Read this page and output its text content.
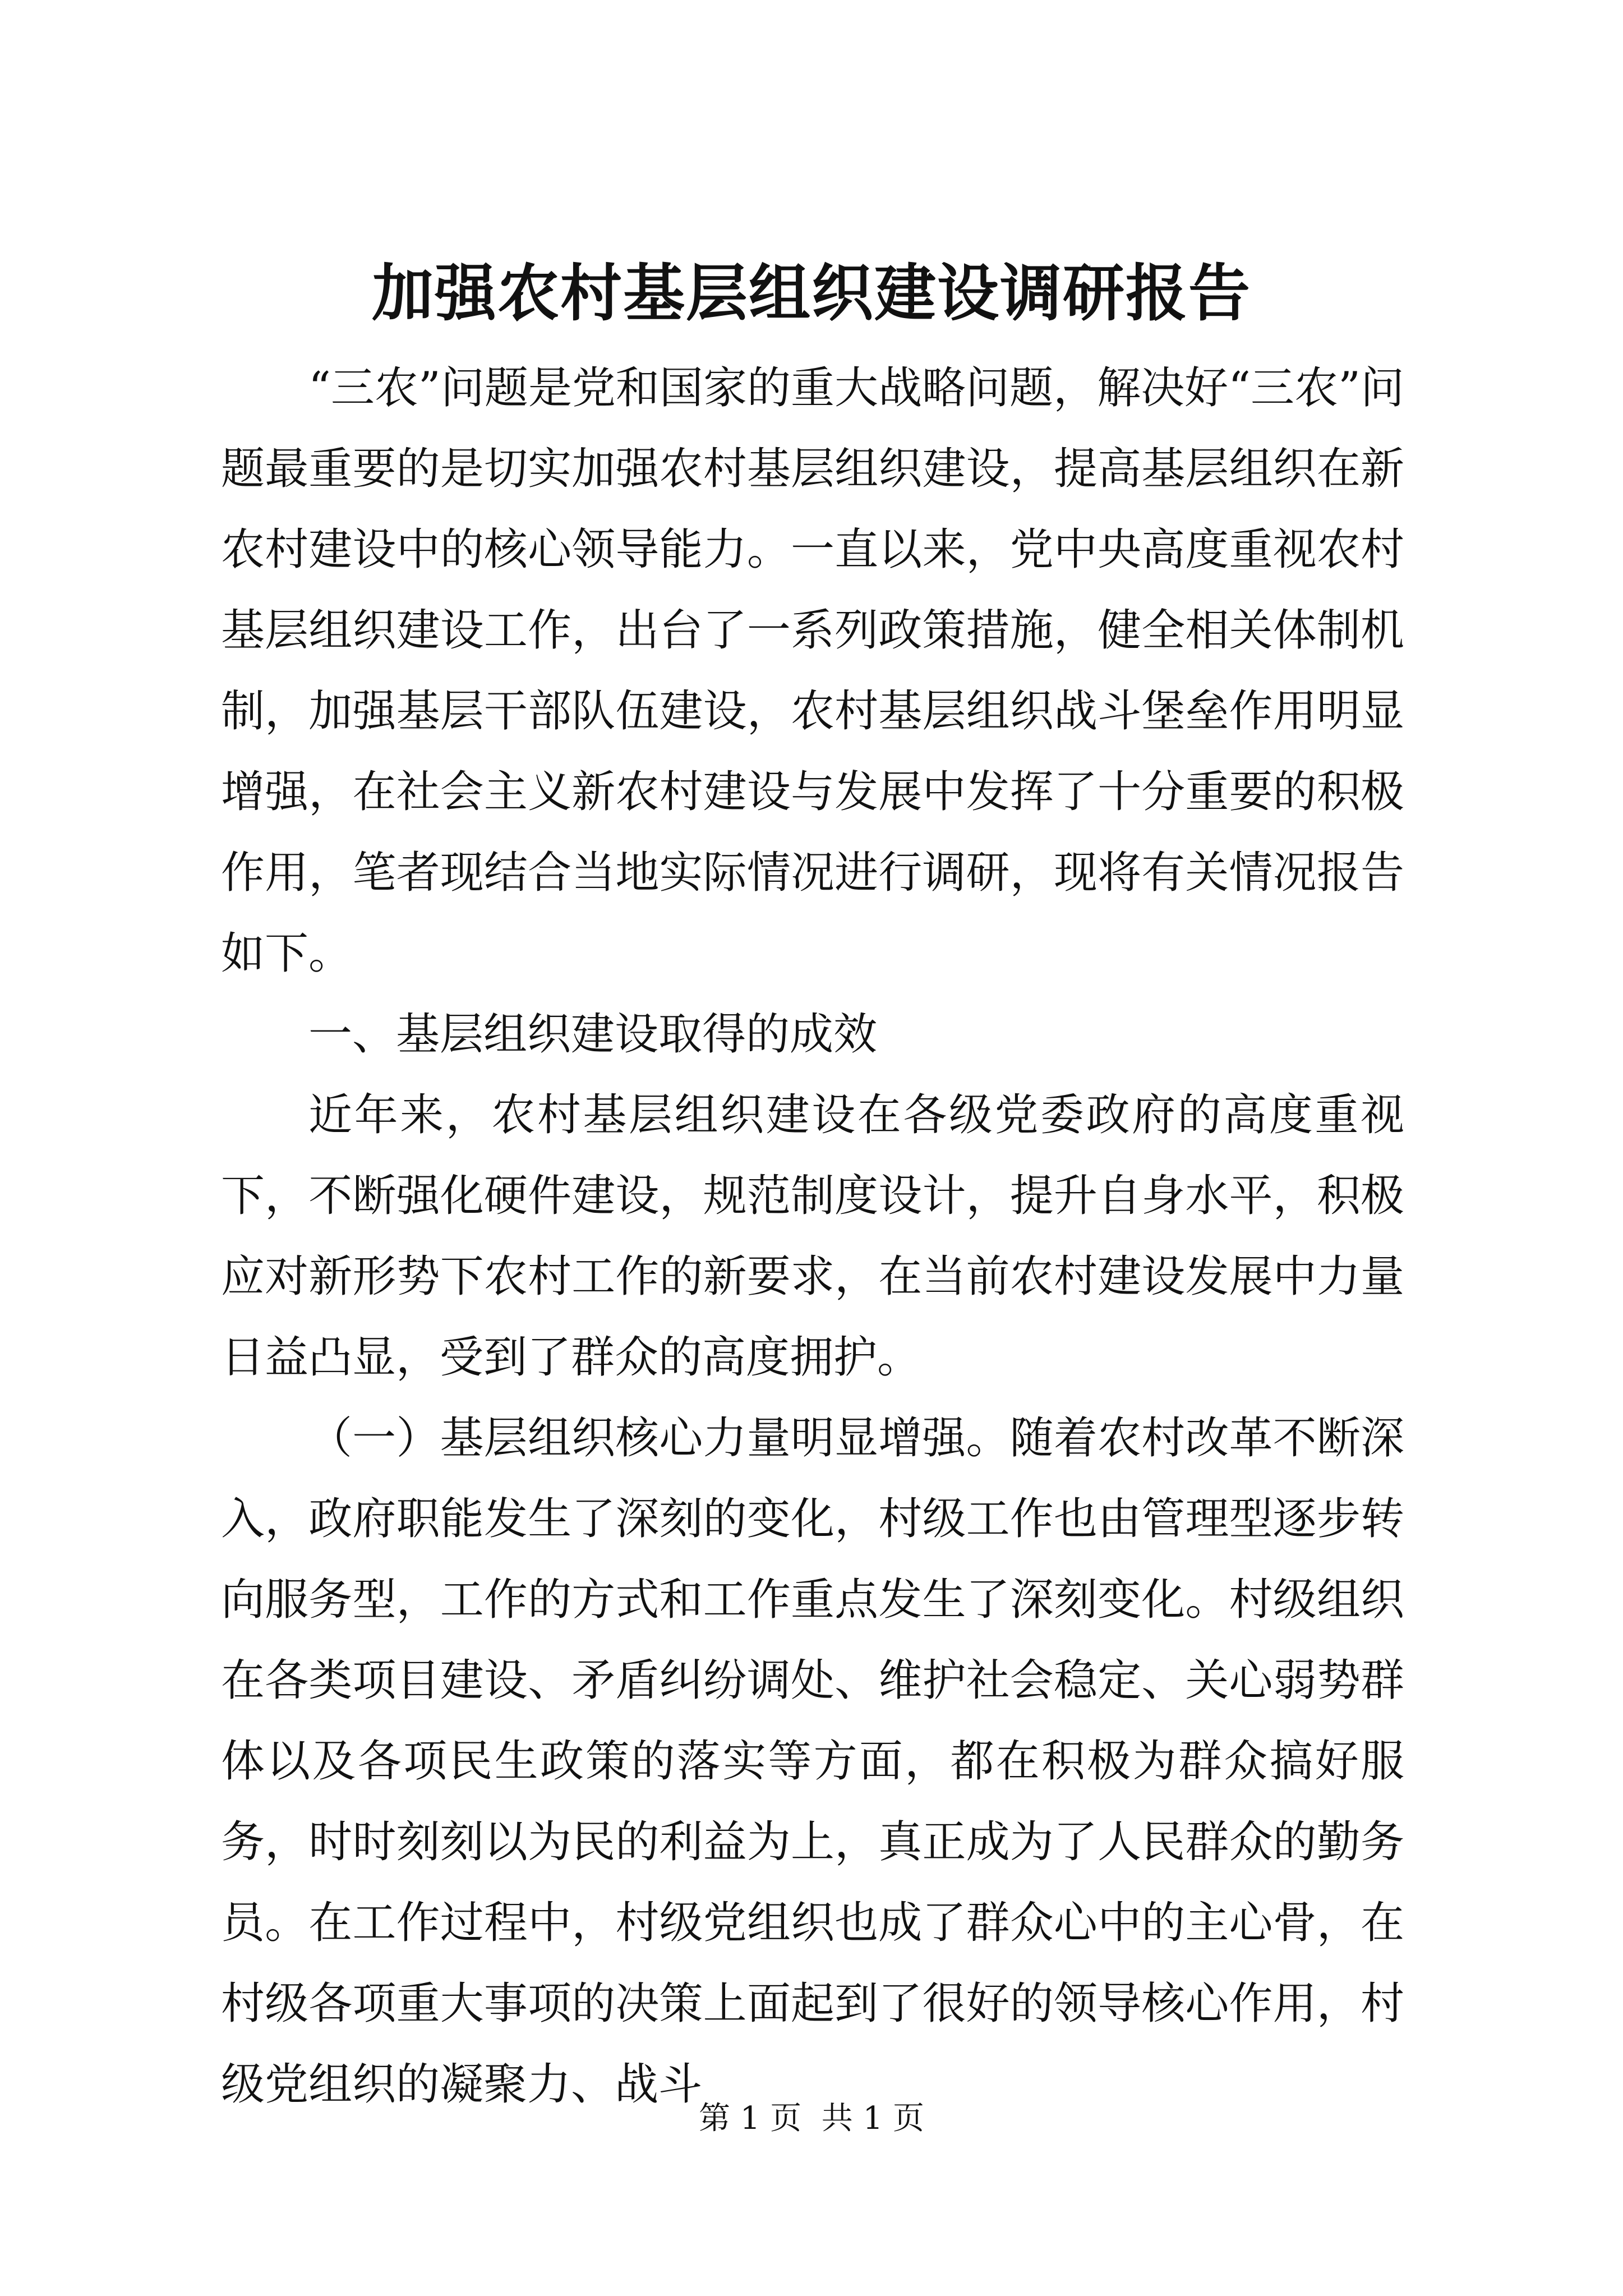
加强农村基层组织建设调研报告

“三农”问题是党和国家的重大战略问题，解决好“三农”问题最重要的是切实加强农村基层组织建设，提高基层组织在新农村建设中的核心领导能力。一直以来，党中央高度重视农村基层组织建设工作，出台了一系列政策措施，健全相关体制机制，加强基层干部队伍建设，农村基层组织战斗堡垒作用明显增强，在社会主义新农村建设与发展中发挥了十分重要的积极作用，笔者现结合当地实际情况进行调研，现将有关情况报告如下。

一、基层组织建设取得的成效

近年来，农村基层组织建设在各级党委政府的高度重视下，不断强化硬件建设，规范制度设计，提升自身水平，积极应对新形势下农村工作的新要求，在当前农村建设发展中力量日益凸显，受到了群众的高度拥护。

（一）基层组织核心力量明显增强。随着农村改革不断深入，政府职能发生了深刻的变化，村级工作也由管理型逐步转向服务型，工作的方式和工作重点发生了深刻变化。村级组织在各类项目建设、矛盾纠纷调处、维护社会稳定、关心弱势群体以及各项民生政策的落实等方面，都在积极为群众搞好服务，时时刻刻以为民的利益为上，真正成为了人民群众的勤务员。在工作过程中，村级党组织也成了群众心中的主心骨，在村级各项重大事项的决策上面起到了很好的领导核心作用，村级党组织的凝聚力、战斗

第 1 页  共 1 页
